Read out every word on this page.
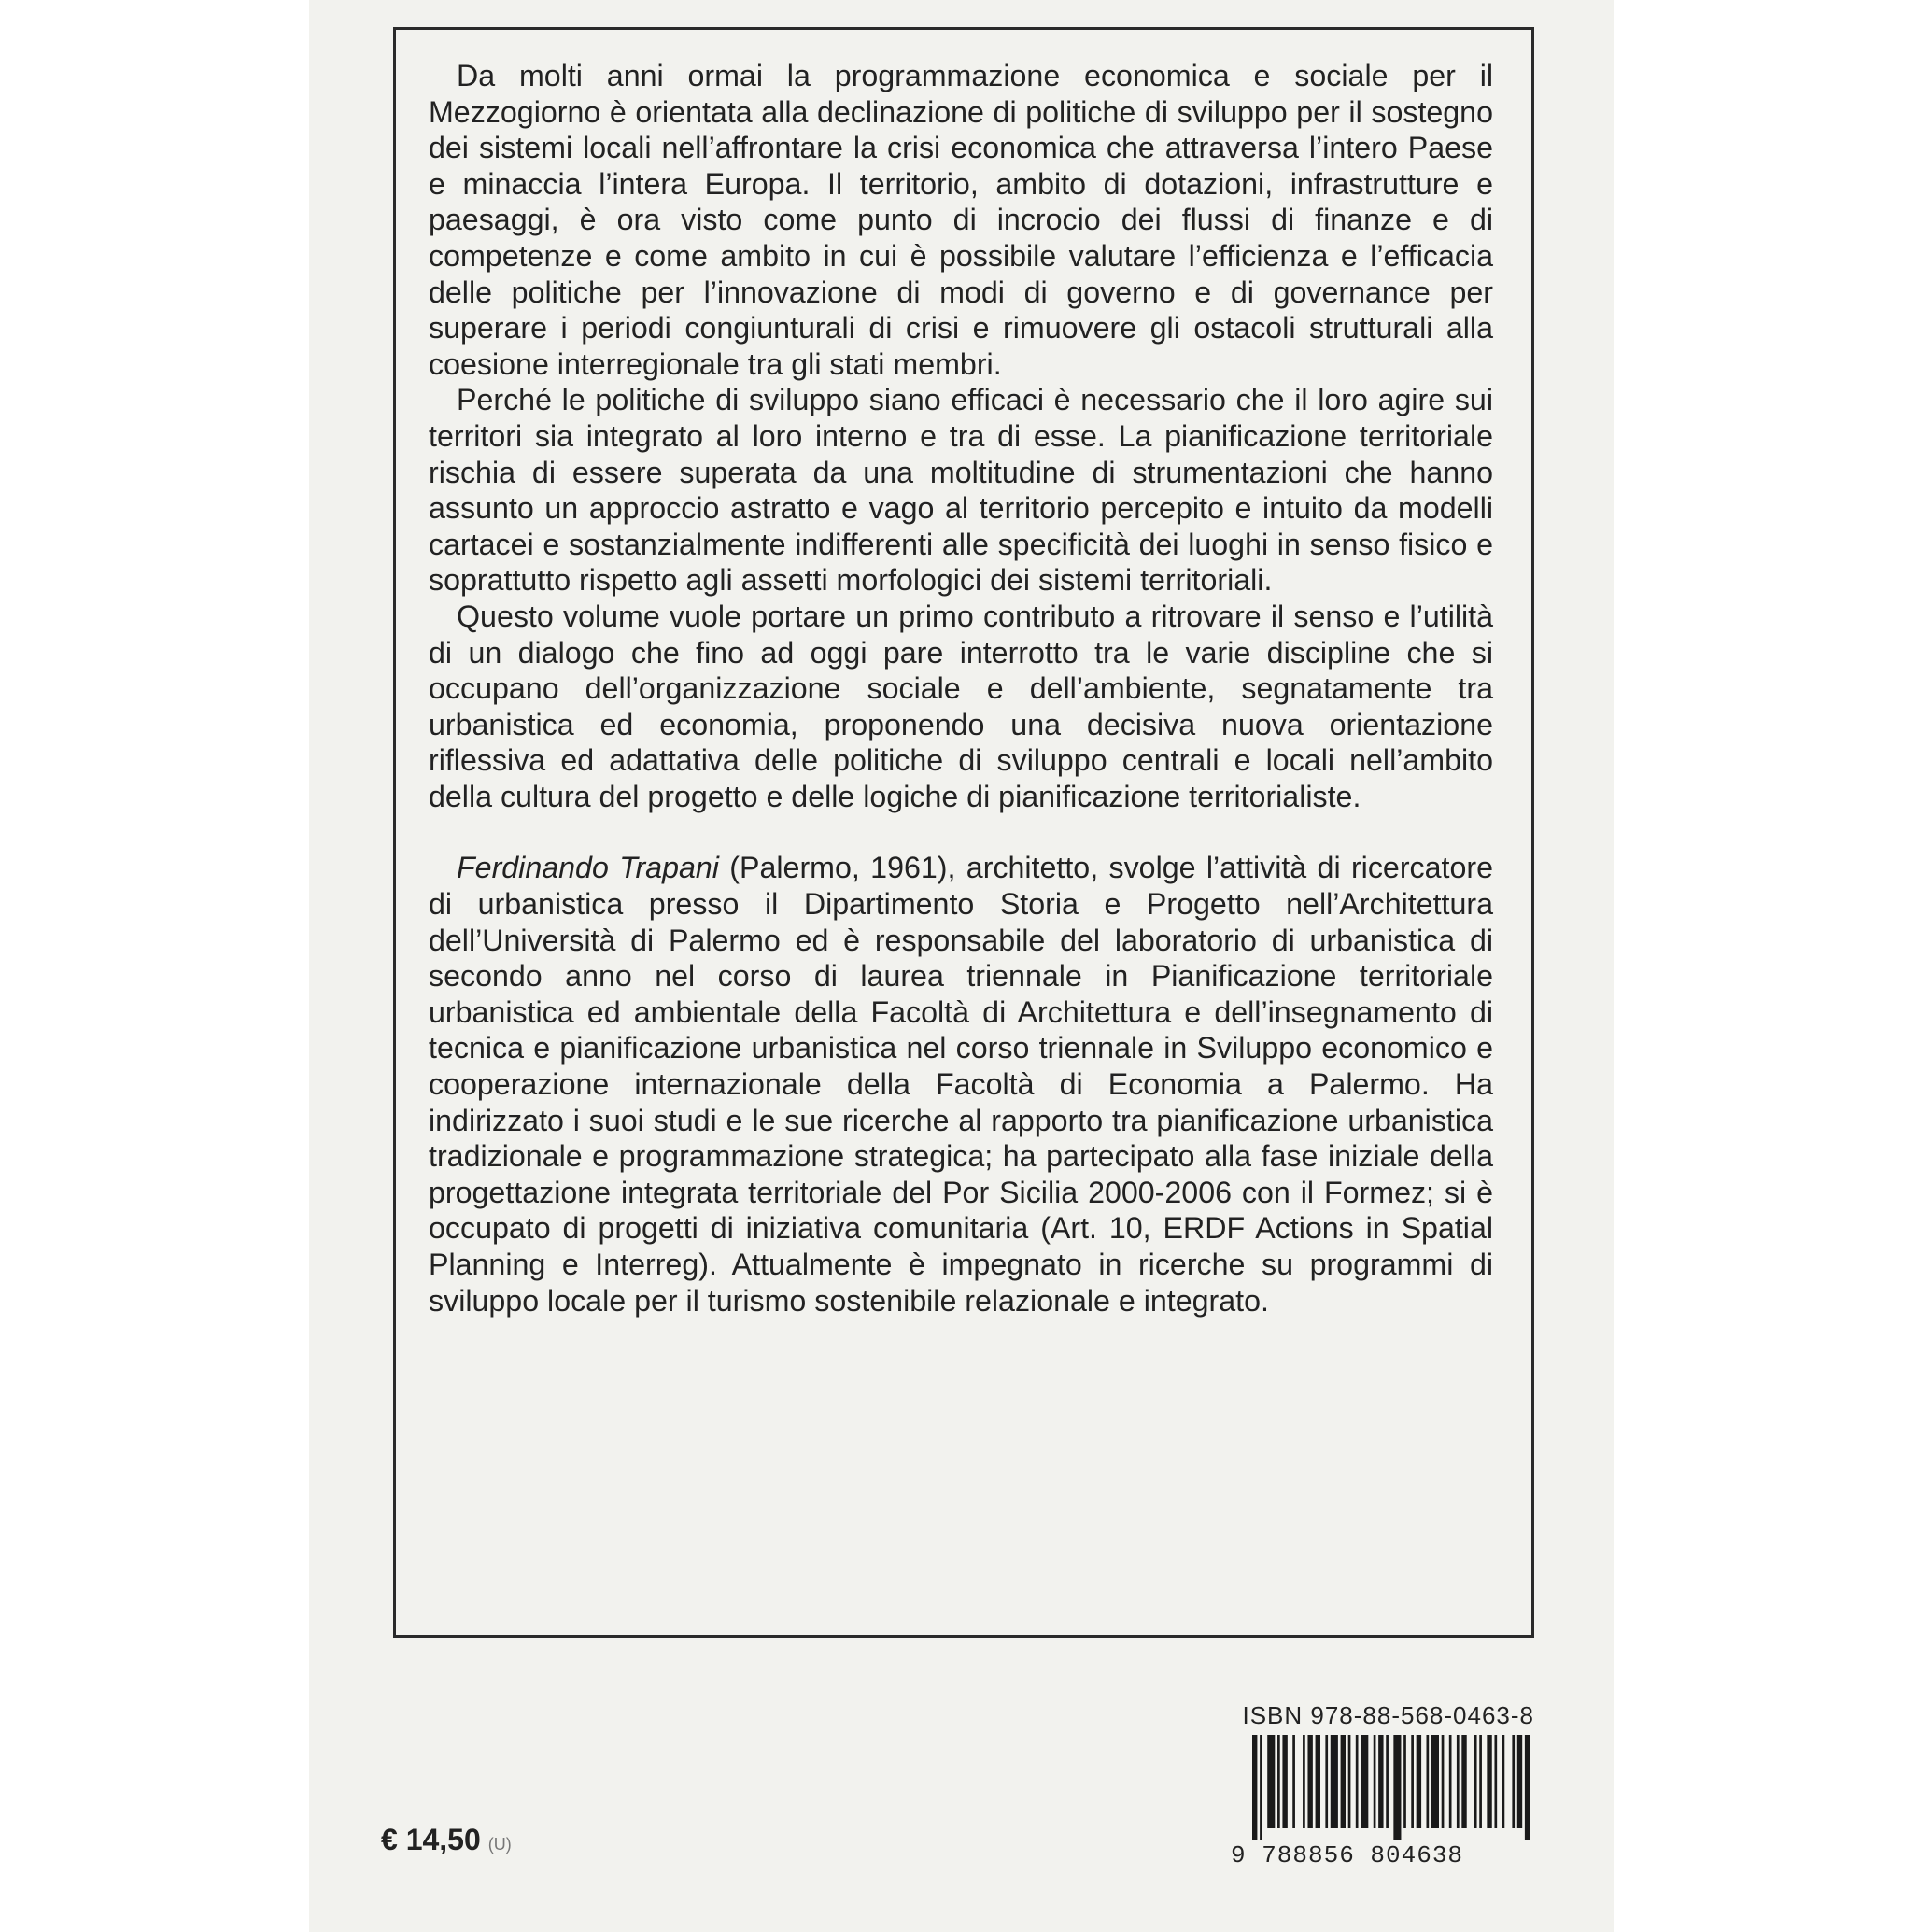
Da molti anni ormai la programmazione economica e sociale per il Mezzogiorno è orientata alla declinazione di politiche di sviluppo per il sostegno dei sistemi locali nell’affrontare la crisi economica che attraversa l’intero Paese e minaccia l’intera Europa. Il territorio, ambito di dotazioni, infrastrutture e paesaggi, è ora visto come punto di incrocio dei flussi di finanze e di competenze e come ambito in cui è possibile valutare l’efficienza e l’efficacia delle politiche per l’innovazione di modi di governo e di governance per superare i periodi congiunturali di crisi e rimuovere gli ostacoli strutturali alla coesione interregionale tra gli stati membri.

Perché le politiche di sviluppo siano efficaci è necessario che il loro agire sui territori sia integrato al loro interno e tra di esse. La pianificazione territoriale rischia di essere superata da una moltitudine di strumentazioni che hanno assunto un approccio astratto e vago al territorio percepito e intuito da modelli cartacei e sostanzialmente indifferenti alle specificità dei luoghi in senso fisico e soprattutto rispetto agli assetti morfologici dei sistemi territoriali.

Questo volume vuole portare un primo contributo a ritrovare il senso e l’utilità di un dialogo che fino ad oggi pare interrotto tra le varie discipline che si occupano dell’organizzazione sociale e dell’ambiente, segnatamente tra urbanistica ed economia, proponendo una decisiva nuova orientazione riflessiva ed adattativa delle politiche di sviluppo centrali e locali nell’ambito della cultura del progetto e delle logiche di pianificazione territorialiste.

Ferdinando Trapani (Palermo, 1961), architetto, svolge l’attività di ricercatore di urbanistica presso il Dipartimento Storia e Progetto nell’Architettura dell’Università di Palermo ed è responsabile del laboratorio di urbanistica di secondo anno nel corso di laurea triennale in Pianificazione territoriale urbanistica ed ambientale della Facoltà di Architettura e dell’insegnamento di tecnica e pianificazione urbanistica nel corso triennale in Sviluppo economico e cooperazione internazionale della Facoltà di Economia a Palermo. Ha indirizzato i suoi studi e le sue ricerche al rapporto tra pianificazione urbanistica tradizionale e programmazione strategica; ha partecipato alla fase iniziale della progettazione integrata territoriale del Por Sicilia 2000-2006 con il Formez; si è occupato di progetti di iniziativa comunitaria (Art. 10, ERDF Actions in Spatial Planning e Interreg). Attualmente è impegnato in ricerche su programmi di sviluppo locale per il turismo sostenibile relazionale e integrato.

ISBN 978-88-568-0463-8
9 788856 804638
€ 14,50 (U)
